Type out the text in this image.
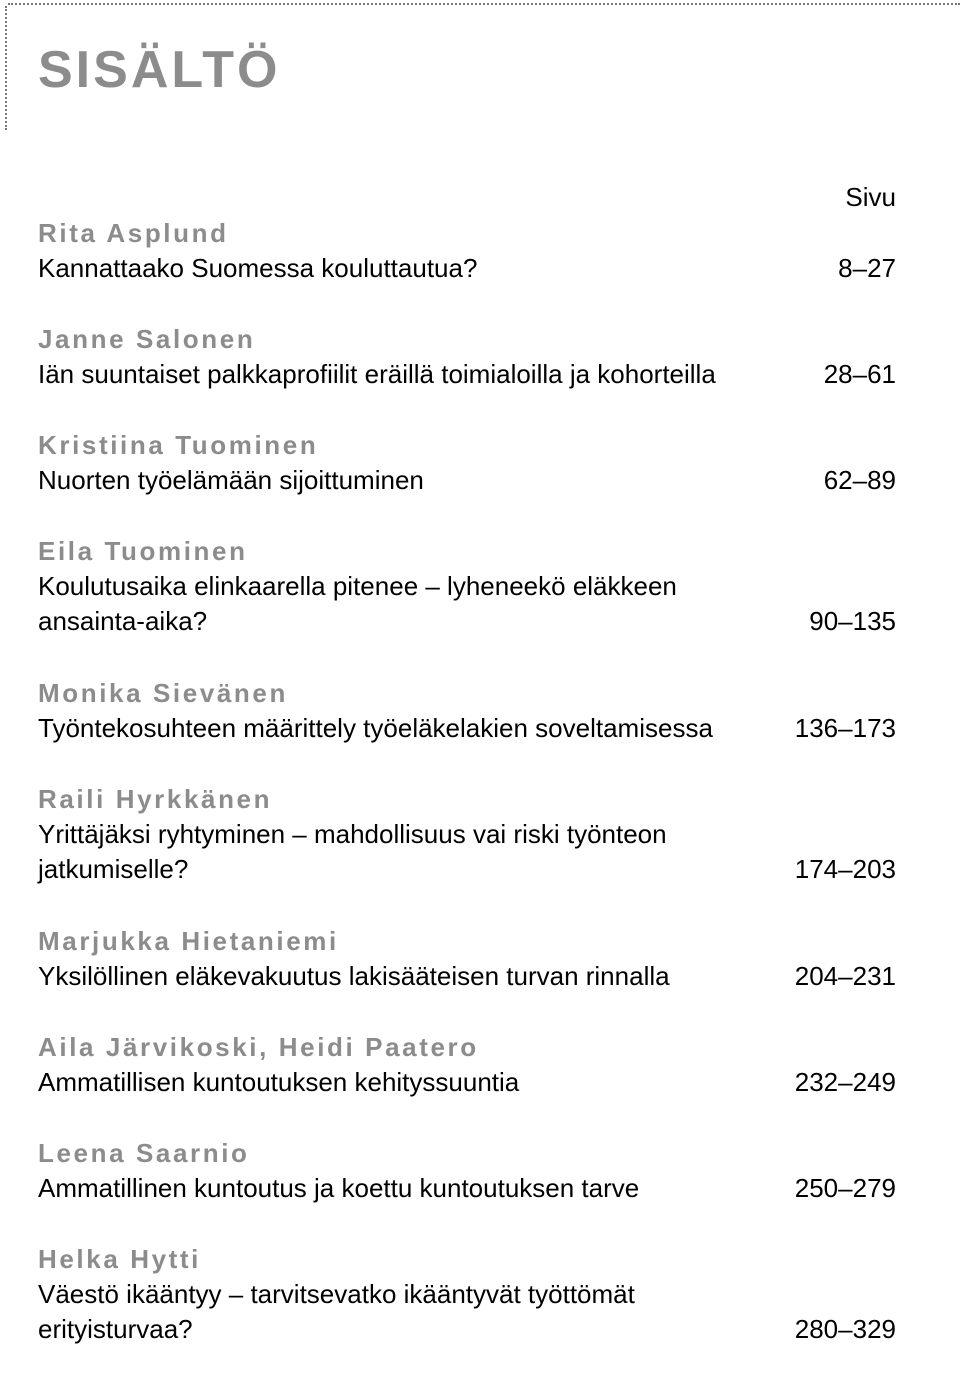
SISÄLTÖ
Sivu
Rita Asplund
Kannattaako Suomessa kouluttautua?	8–27
Janne Salonen
Iän suuntaiset palkkaprofiilit eräillä toimialoilla ja kohorteilla	28–61
Kristiina Tuominen
Nuorten työelämään sijoittuminen	62–89
Eila Tuominen
Koulutusaika elinkaarella pitenee – lyheneekö eläkkeen
ansainta-aika?	90–135
Monika Sievänen
Työntekosuhteen määrittely työeläkelakien soveltamisessa	136–173
Raili Hyrkkänen
Yrittäjäksi ryhtyminen – mahdollisuus vai riski työnteon
jatkumiselle?	174–203
Marjukka Hietaniemi
Yksilöllinen eläkevakuutus lakisääteisen turvan rinnalla	204–231
Aila Järvikoski, Heidi Paatero
Ammatillisen kuntoutuksen kehityssuuntia	232–249
Leena Saarnio
Ammatillinen kuntoutus ja koettu kuntoutuksen tarve	250–279
Helka Hytti
Väestö ikääntyy – tarvitsevatko ikääntyvät työttömät
erityisturvaa?	280–329
